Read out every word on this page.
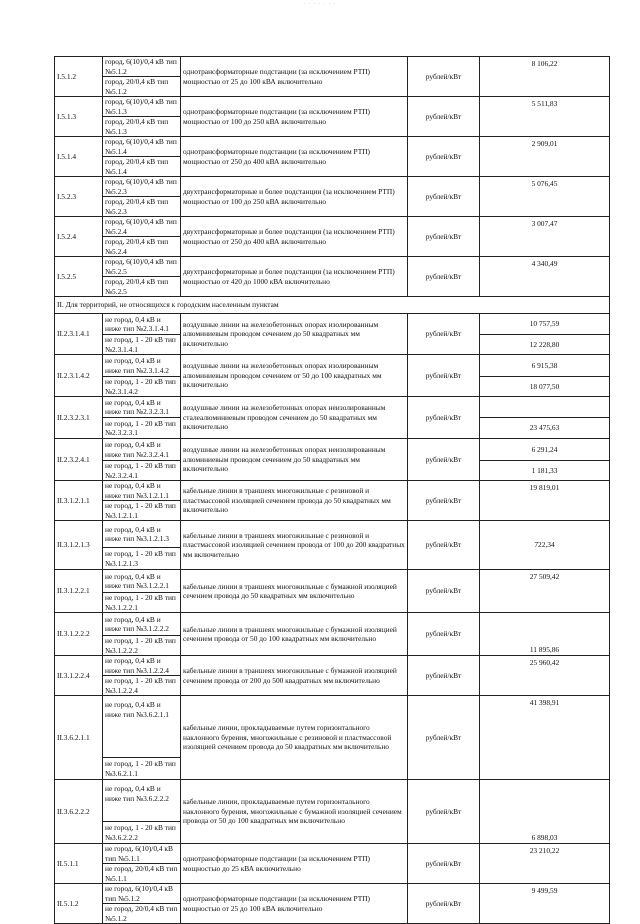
· · · · · · ·
I.5.1.2	город, 6(10)/0,4 кВ тип №5.1.2	однотрансформаторные подстанции (за исключением РТП) мощностью от 25 до 100 кВА включительно	рублей/кВт	8 106,22
	город, 20/0,4 кВ тип №5.1.2			
I.5.1.3	город, 6(10)/0,4 кВ тип №5.1.3	однотрансформаторные подстанции (за исключением РТП) мощностью от 100 до 250 кВА включительно	рублей/кВт	5 511,83
	город, 20/0,4 кВ тип №5.1.3			
I.5.1.4	город, 6(10)/0,4 кВ тип №5.1.4	однотрансформаторные подстанции (за исключением РТП) мощностью от 250 до 400 кВА включительно	рублей/кВт	2 909,01
	город, 20/0,4 кВ тип №5.1.4			
I.5.2.3	город, 6(10)/0,4 кВ тип №5.2.3	двухтрансформаторные и более подстанции (за исключением РТП) мощностью от 100 до 250 кВА включительно	рублей/кВт	5 076,45
	город, 20/0,4 кВ тип №5.2.3			
I.5.2.4	город, 6(10)/0,4 кВ тип №5.2.4	двухтрансформаторные и более подстанции (за исключением РТП) мощностью от 250 до 400 кВА включительно	рублей/кВт	3 007,47
	город, 20/0,4 кВ тип №5.2.4			
I.5.2.5	город, 6(10)/0,4 кВ тип №5.2.5	двухтрансформаторные и более подстанции (за исключением РТП) мощностью от 420 до 1000 кВА включительно	рублей/кВт	4 340,49
	город, 20/0,4 кВ тип №5.2.5			
II. Для территорий, не относящихся к городским населенным пунктам				
II.2.3.1.4.1	не город, 0,4 кВ и ниже тип №2.3.1.4.1	воздушные линии на железобетонных опорах изолированным алюминиевым проводом сечением до 50 квадратных мм включительно	рублей/кВт	10 757,59
	не город, 1 - 20 кВ тип №2.3.1.4.1			12 228,80
II.2.3.1.4.2	не город, 0,4 кВ и ниже тип №2.3.1.4.2	воздушные линии на железобетонных опорах изолированным алюминиевым проводом сечением от 50 до 100 квадратных мм включительно	рублей/кВт	6 915,38
	не город, 1 - 20 кВ тип №2.3.1.4.2			18 077,50
II.2.3.2.3.1	не город, 0,4 кВ и ниже тип №2.3.2.3.1	воздушные линии на железобетонных опорах неизолированным сталеалюминиевым проводом сечением до 50 квадратных мм включительно	рублей/кВт	
	не город, 1 - 20 кВ тип №2.3.2.3.1			23 475,63
II.2.3.2.4.1	не город, 0,4 кВ и ниже тип №2.3.2.4.1	воздушные линии на железобетонных опорах неизолированным алюминиевым проводом сечением до 50 квадратных мм включительно	рублей/кВт	6 291,24
	не город, 1 - 20 кВ тип №2.3.2.4.1			1 181,33
II.3.1.2.1.1	не город, 0,4 кВ и ниже тип №3.1.2.1.1	кабельные линии в траншеях многожильные с резиновой и пластмассовой изоляцией сечением провода до 50 квадратных мм включительно	рублей/кВт	19 819,01
	не город, 1 - 20 кВ тип №3.1.2.1.1			
II.3.1.2.1.3	не город, 0,4 кВ и ниже тип №3.1.2.1.3	кабельные линии в траншеях многожильные с резиновой и пластмассовой изоляцией сечением провода от 100 до 200 квадратных мм включительно	рублей/кВт	722,34
	не город, 1 - 20 кВ тип №3.1.2.1.3			
II.3.1.2.2.1	не город, 0,4 кВ и ниже тип №3.1.2.2.1	кабельные линии в траншеях многожильные с бумажной изоляцией сечением провода до 50 квадратных мм включительно	рублей/кВт	27 509,42
	не город, 1 - 20 кВ тип №3.1.2.2.1			
II.3.1.2.2.2	не город, 0,4 кВ и ниже тип №3.1.2.2.2	кабельные линии в траншеях многожильные с бумажной изоляцией сечением провода от 50 до 100 квадратных мм включительно	рублей/кВт	11 895,86
	не город, 1 - 20 кВ тип №3.1.2.2.2			
II.3.1.2.2.4	не город, 0,4 кВ и ниже тип №3.1.2.2.4	кабельные линии в траншеях многожильные с бумажной изоляцией сечением провода от 200 до 500 квадратных мм включительно	рублей/кВт	25 960,42
	не город, 1 - 20 кВ тип №3.1.2.2.4			
II.3.6.2.1.1	не город, 0,4 кВ и ниже тип №3.6.2.1.1	кабельные линии, прокладываемые путем горизонтального наклонного бурения, многожильные с резиновой и пластмассовой изоляцией сечением провода до 50 квадратных мм включительно	рублей/кВт	41 398,91
	не город, 1 - 20 кВ тип №3.6.2.1.1			
II.3.6.2.2.2	не город, 0,4 кВ и ниже тип №3.6.2.2.2	кабельные линии, прокладываемые путем горизонтального наклонного бурения, многожильные с бумажной изоляцией сечением провода от 50 до 100 квадратных мм включительно	рублей/кВт	6 898,03
	не город, 1 - 20 кВ тип №3.6.2.2.2			
II.5.1.1	не город, 6(10)/0,4 кВ тип №5.1.1	однотрансформаторные подстанции (за исключением РТП) мощностью до 25 кВА включительно	рублей/кВт	23 210,22
	не город, 20/0,4 кВ тип №5.1.1			
II.5.1.2	не город, 6(10)/0,4 кВ тип №5.1.2	однотрансформаторные подстанции (за исключением РТП) мощностью от 25 до 100 кВА включительно	рублей/кВт	9 499,59
	не город, 20/0,4 кВ тип №5.1.2			
